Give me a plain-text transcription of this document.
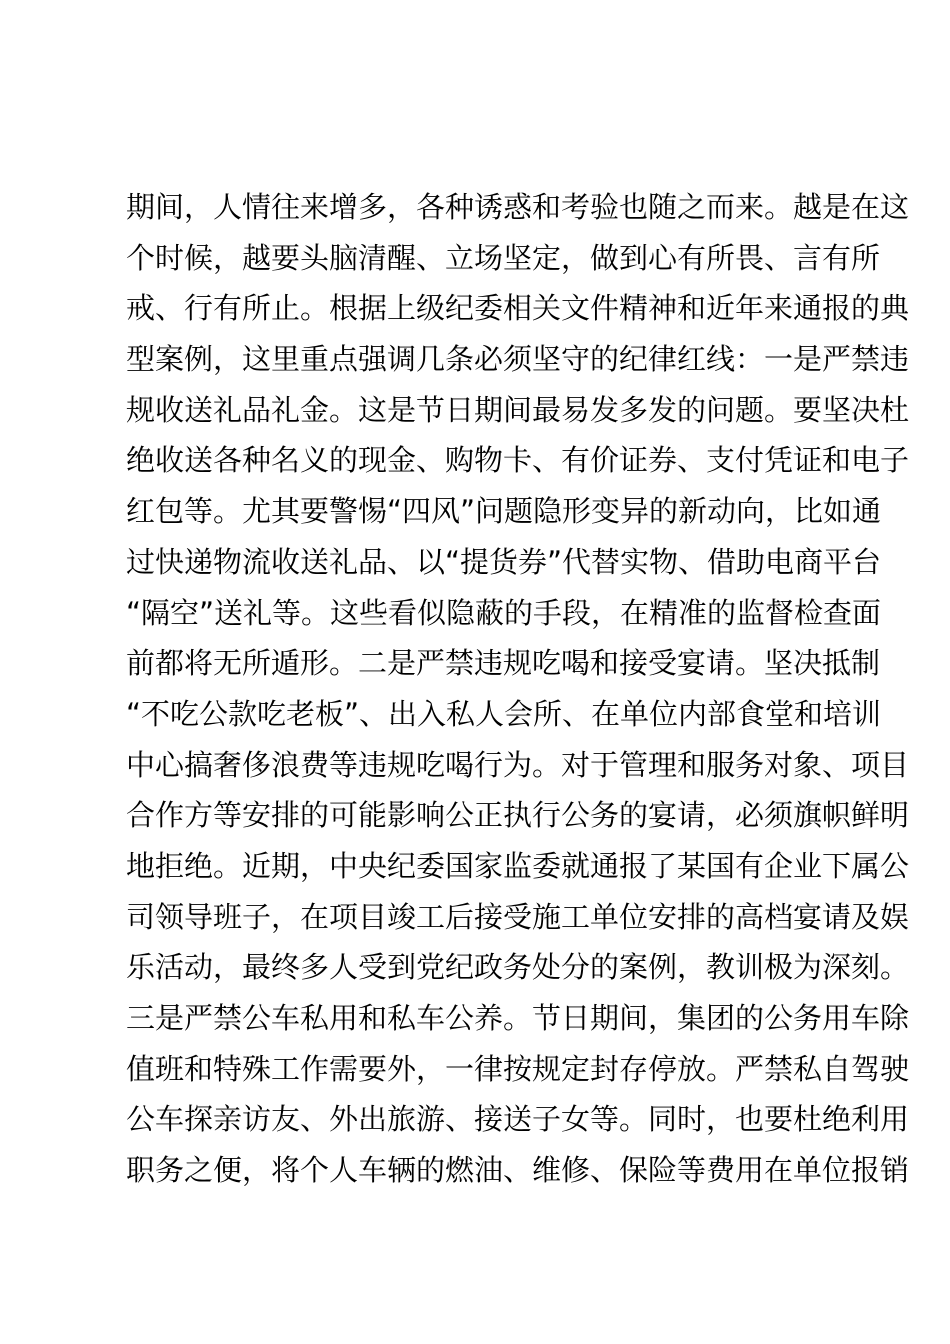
期间，人情往来增多，各种诱惑和考验也随之而来。越是在这
个时候，越要头脑清醒、立场坚定，做到心有所畏、言有所
戒、行有所止。根据上级纪委相关文件精神和近年来通报的典
型案例，这里重点强调几条必须坚守的纪律红线：一是严禁违
规收送礼品礼金。这是节日期间最易发多发的问题。要坚决杜
绝收送各种名义的现金、购物卡、有价证券、支付凭证和电子
红包等。尤其要警惕“四风”问题隐形变异的新动向，比如通
过快递物流收送礼品、以“提货券”代替实物、借助电商平台
“隔空”送礼等。这些看似隐蔽的手段，在精准的监督检查面
前都将无所遁形。二是严禁违规吃喝和接受宴请。坚决抵制
“不吃公款吃老板”、出入私人会所、在单位内部食堂和培训
中心搞奢侈浪费等违规吃喝行为。对于管理和服务对象、项目
合作方等安排的可能影响公正执行公务的宴请，必须旗帜鲜明
地拒绝。近期，中央纪委国家监委就通报了某国有企业下属公
司领导班子，在项目竣工后接受施工单位安排的高档宴请及娱
乐活动，最终多人受到党纪政务处分的案例，教训极为深刻。
三是严禁公车私用和私车公养。节日期间，集团的公务用车除
值班和特殊工作需要外，一律按规定封存停放。严禁私自驾驶
公车探亲访友、外出旅游、接送子女等。同时，也要杜绝利用
职务之便，将个人车辆的燃油、维修、保险等费用在单位报销
